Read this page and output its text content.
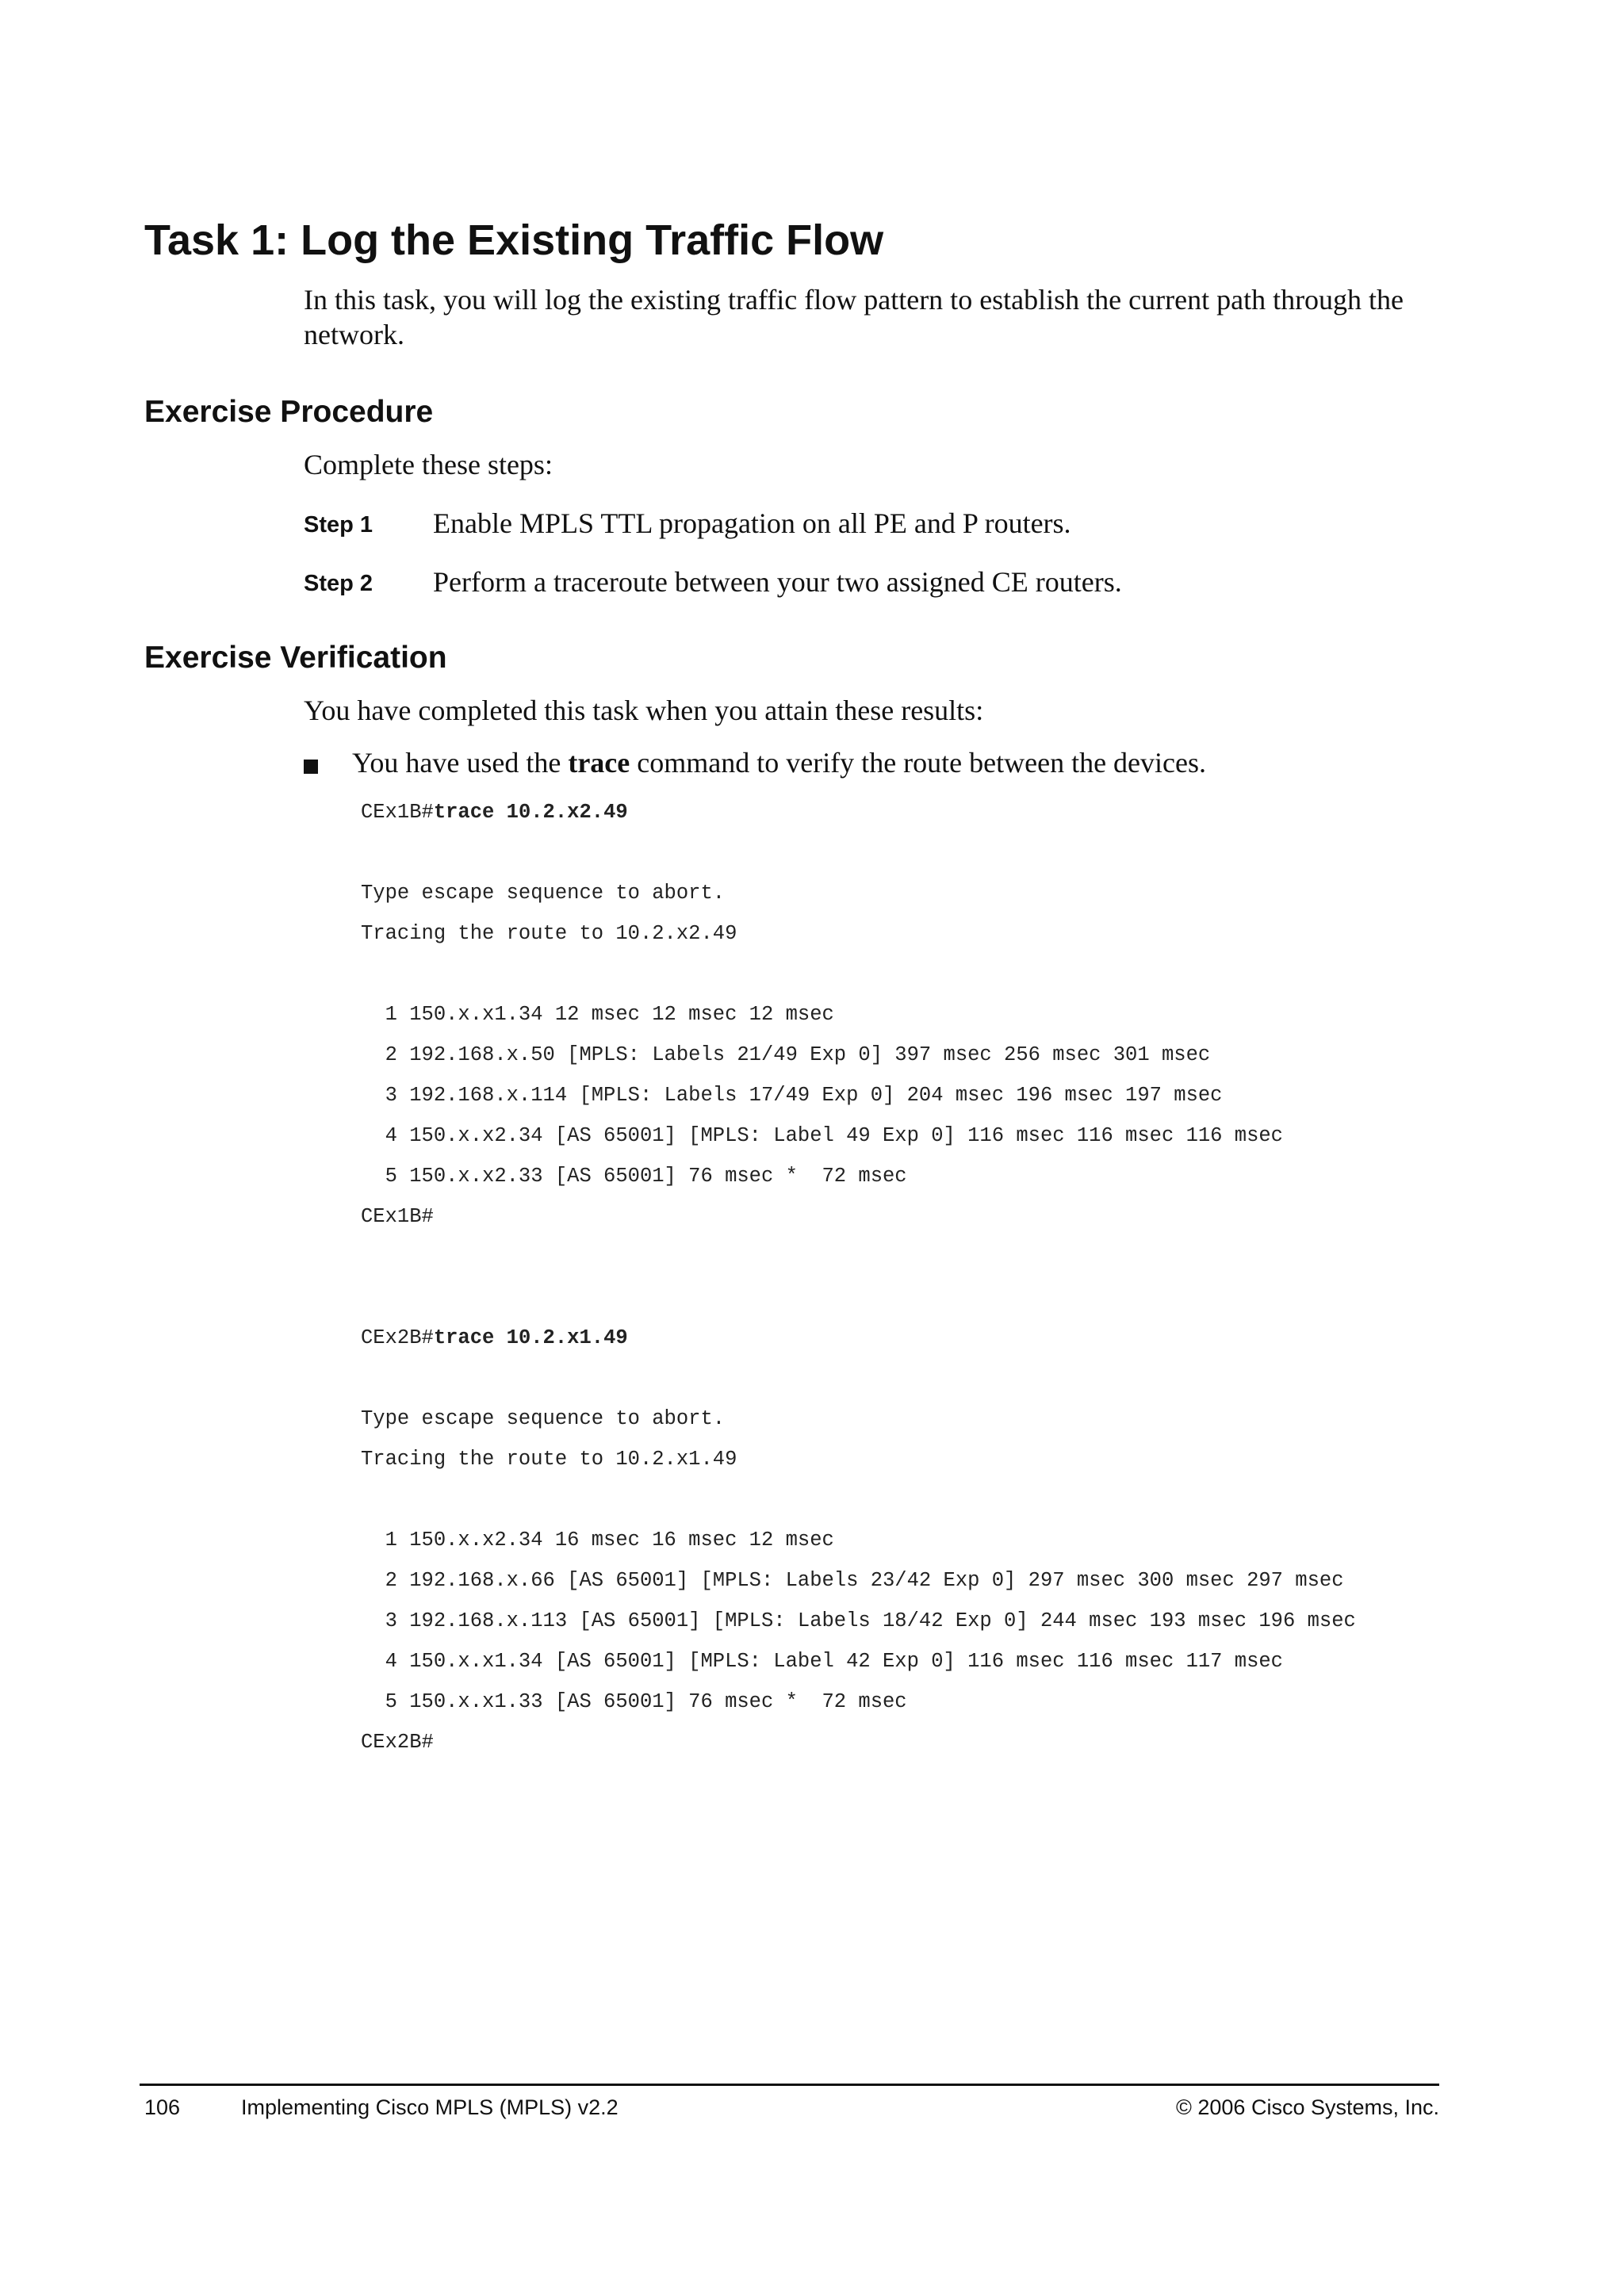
Task 1: Log the Existing Traffic Flow

In this task, you will log the existing traffic flow pattern to establish the current path through the network.

Exercise Procedure

Complete these steps:

Step 1 Enable MPLS TTL propagation on all PE and P routers.
Step 2 Perform a traceroute between your two assigned CE routers.
Exercise Verification

You have completed this task when you attain these results:

You have used the trace command to verify the route between the devices.
CEx1B#trace 10.2.x2.49
Type escape sequence to abort.
Tracing the route to 10.2.x2.49
1 150.x.x1.34 12 msec 12 msec 12 msec
2 192.168.x.50 [MPLS: Labels 21/49 Exp 0] 397 msec 256 msec 301 msec
3 192.168.x.114 [MPLS: Labels 17/49 Exp 0] 204 msec 196 msec 197 msec
4 150.x.x2.34 [AS 65001] [MPLS: Label 49 Exp 0] 116 msec 116 msec 116 msec
5 150.x.x2.33 [AS 65001] 76 msec *  72 msec
CEx1B#
CEx2B#trace 10.2.x1.49
Type escape sequence to abort.
Tracing the route to 10.2.x1.49
1 150.x.x2.34 16 msec 16 msec 12 msec
2 192.168.x.66 [AS 65001] [MPLS: Labels 23/42 Exp 0] 297 msec 300 msec 297 msec
3 192.168.x.113 [AS 65001] [MPLS: Labels 18/42 Exp 0] 244 msec 193 msec 196 msec
4 150.x.x1.34 [AS 65001] [MPLS: Label 42 Exp 0] 116 msec 116 msec 117 msec
5 150.x.x1.33 [AS 65001] 76 msec *  72 msec
CEx2B#
106	Implementing Cisco MPLS (MPLS) v2.2	© 2006 Cisco Systems, Inc.
